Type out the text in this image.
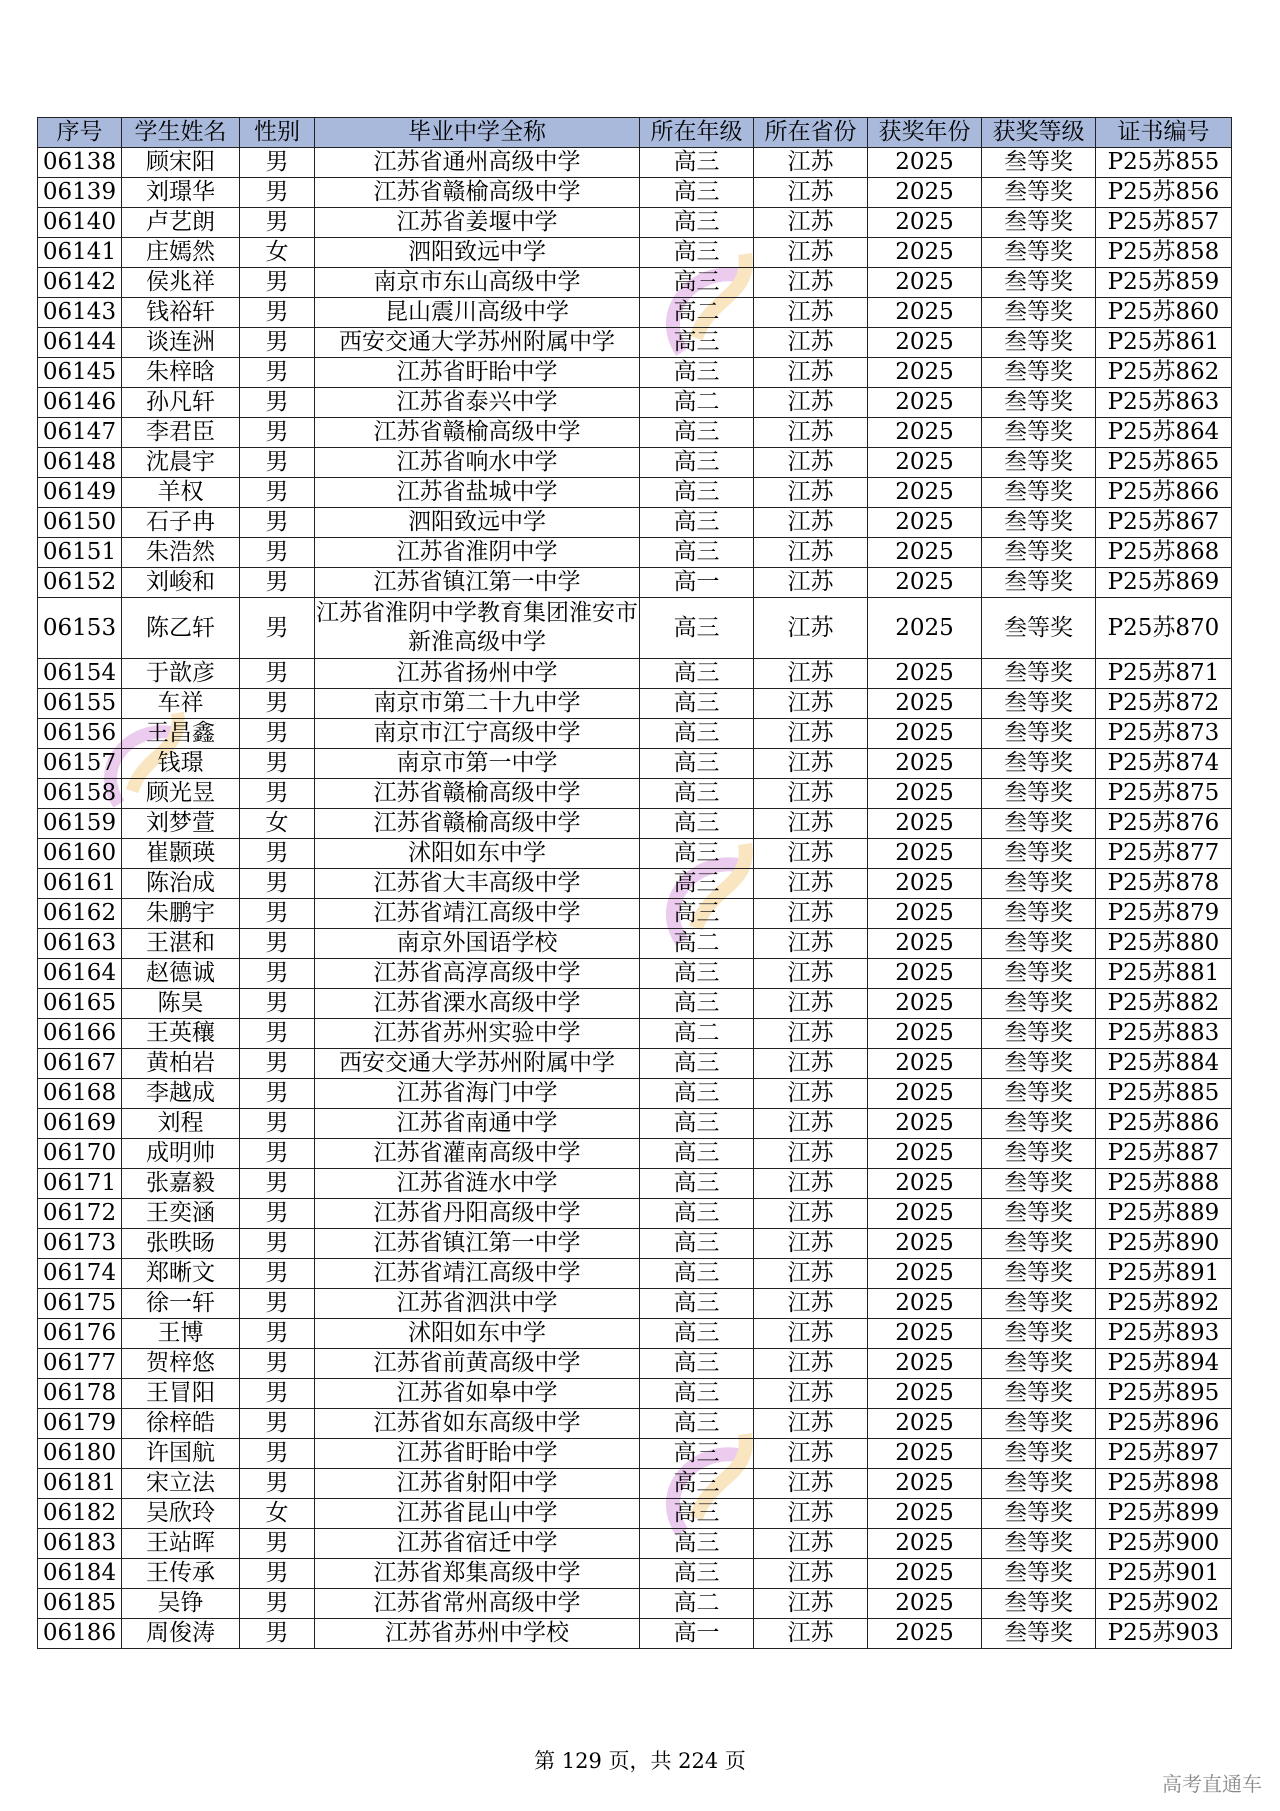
序号	学生姓名	性别	毕业中学全称	所在年级	所在省份	获奖年份	获奖等级	证书编号
06138	顾宋阳	男	江苏省通州高级中学	高三	江苏	2025	叁等奖	P25苏855
06139	刘璟华	男	江苏省赣榆高级中学	高三	江苏	2025	叁等奖	P25苏856
06140	卢艺朗	男	江苏省姜堰中学	高三	江苏	2025	叁等奖	P25苏857
06141	庄嫣然	女	泗阳致远中学	高三	江苏	2025	叁等奖	P25苏858
06142	侯兆祥	男	南京市东山高级中学	高三	江苏	2025	叁等奖	P25苏859
06143	钱裕轩	男	昆山震川高级中学	高二	江苏	2025	叁等奖	P25苏860
06144	谈连洲	男	西安交通大学苏州附属中学	高三	江苏	2025	叁等奖	P25苏861
06145	朱梓晗	男	江苏省盱眙中学	高三	江苏	2025	叁等奖	P25苏862
06146	孙凡轩	男	江苏省泰兴中学	高二	江苏	2025	叁等奖	P25苏863
06147	李君臣	男	江苏省赣榆高级中学	高三	江苏	2025	叁等奖	P25苏864
06148	沈晨宇	男	江苏省响水中学	高三	江苏	2025	叁等奖	P25苏865
06149	羊权	男	江苏省盐城中学	高三	江苏	2025	叁等奖	P25苏866
06150	石子冉	男	泗阳致远中学	高三	江苏	2025	叁等奖	P25苏867
06151	朱浩然	男	江苏省淮阴中学	高三	江苏	2025	叁等奖	P25苏868
06152	刘峻和	男	江苏省镇江第一中学	高一	江苏	2025	叁等奖	P25苏869
06153	陈乙轩	男	江苏省淮阴中学教育集团淮安市新淮高级中学	高三	江苏	2025	叁等奖	P25苏870
06154	于歆彦	男	江苏省扬州中学	高三	江苏	2025	叁等奖	P25苏871
06155	车祥	男	南京市第二十九中学	高三	江苏	2025	叁等奖	P25苏872
06156	王昌鑫	男	南京市江宁高级中学	高三	江苏	2025	叁等奖	P25苏873
06157	钱璟	男	南京市第一中学	高三	江苏	2025	叁等奖	P25苏874
06158	顾光昱	男	江苏省赣榆高级中学	高三	江苏	2025	叁等奖	P25苏875
06159	刘梦萱	女	江苏省赣榆高级中学	高三	江苏	2025	叁等奖	P25苏876
06160	崔颢瑛	男	沭阳如东中学	高三	江苏	2025	叁等奖	P25苏877
06161	陈治成	男	江苏省大丰高级中学	高三	江苏	2025	叁等奖	P25苏878
06162	朱鹏宇	男	江苏省靖江高级中学	高三	江苏	2025	叁等奖	P25苏879
06163	王湛和	男	南京外国语学校	高二	江苏	2025	叁等奖	P25苏880
06164	赵德诚	男	江苏省高淳高级中学	高三	江苏	2025	叁等奖	P25苏881
06165	陈昊	男	江苏省溧水高级中学	高三	江苏	2025	叁等奖	P25苏882
06166	王英穰	男	江苏省苏州实验中学	高二	江苏	2025	叁等奖	P25苏883
06167	黄柏岩	男	西安交通大学苏州附属中学	高三	江苏	2025	叁等奖	P25苏884
06168	李越成	男	江苏省海门中学	高三	江苏	2025	叁等奖	P25苏885
06169	刘程	男	江苏省南通中学	高三	江苏	2025	叁等奖	P25苏886
06170	成明帅	男	江苏省灌南高级中学	高三	江苏	2025	叁等奖	P25苏887
06171	张嘉毅	男	江苏省涟水中学	高三	江苏	2025	叁等奖	P25苏888
06172	王奕涵	男	江苏省丹阳高级中学	高三	江苏	2025	叁等奖	P25苏889
06173	张昳旸	男	江苏省镇江第一中学	高三	江苏	2025	叁等奖	P25苏890
06174	郑晰文	男	江苏省靖江高级中学	高三	江苏	2025	叁等奖	P25苏891
06175	徐一轩	男	江苏省泗洪中学	高三	江苏	2025	叁等奖	P25苏892
06176	王博	男	沭阳如东中学	高三	江苏	2025	叁等奖	P25苏893
06177	贺梓悠	男	江苏省前黄高级中学	高三	江苏	2025	叁等奖	P25苏894
06178	王冒阳	男	江苏省如皋中学	高三	江苏	2025	叁等奖	P25苏895
06179	徐梓皓	男	江苏省如东高级中学	高三	江苏	2025	叁等奖	P25苏896
06180	许国航	男	江苏省盱眙中学	高三	江苏	2025	叁等奖	P25苏897
06181	宋立法	男	江苏省射阳中学	高三	江苏	2025	叁等奖	P25苏898
06182	吴欣玲	女	江苏省昆山中学	高三	江苏	2025	叁等奖	P25苏899
06183	王站晖	男	江苏省宿迁中学	高三	江苏	2025	叁等奖	P25苏900
06184	王传承	男	江苏省郑集高级中学	高三	江苏	2025	叁等奖	P25苏901
06185	吴铮	男	江苏省常州高级中学	高二	江苏	2025	叁等奖	P25苏902
06186	周俊涛	男	江苏省苏州中学校	高一	江苏	2025	叁等奖	P25苏903
第 129 页，共 224 页
高考直通车
